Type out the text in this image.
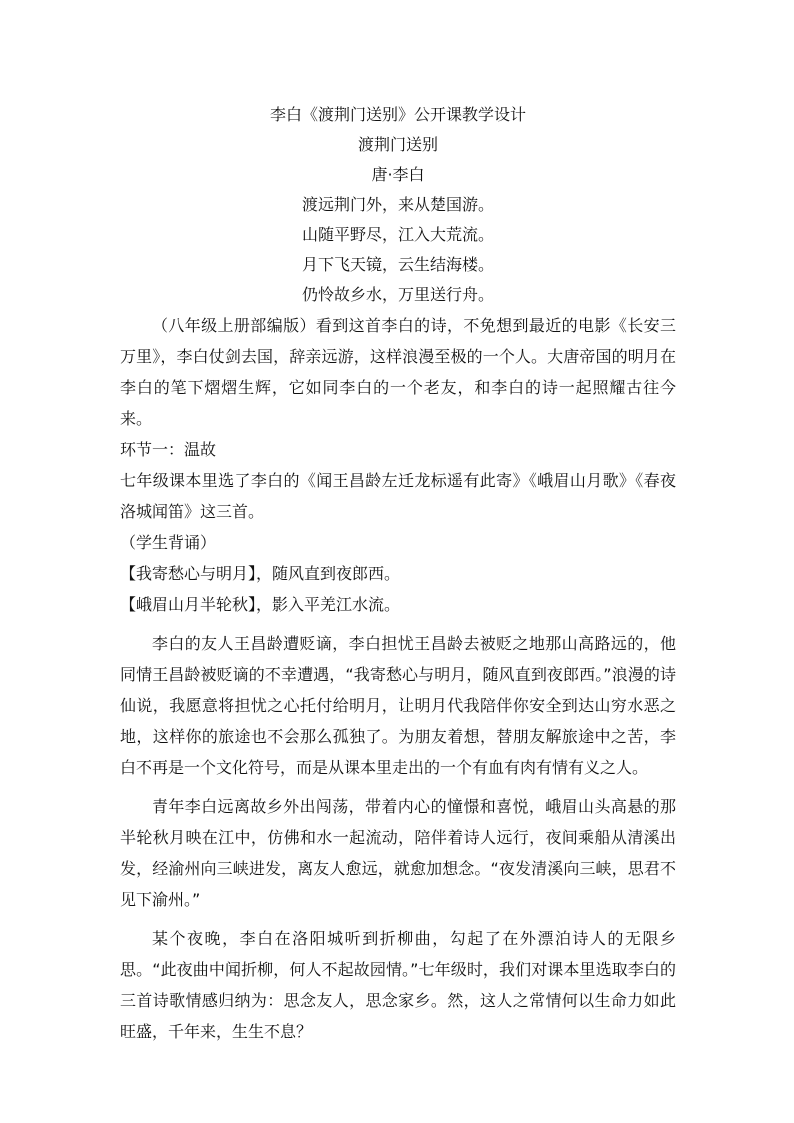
李白《渡荆门送别》公开课教学设计
渡荆门送别
唐·李白
渡远荆门外，来从楚国游。
山随平野尽，江入大荒流。
月下飞天镜，云生结海楼。
仍怜故乡水，万里送行舟。

（八年级上册部编版）看到这首李白的诗，不免想到最近的电影《长安三万里》，李白仗剑去国，辞亲远游，这样浪漫至极的一个人。大唐帝国的明月在李白的笔下熠熠生辉，它如同李白的一个老友，和李白的诗一起照耀古往今来。

环节一：温故

七年级课本里选了李白的《闻王昌龄左迁龙标遥有此寄》《峨眉山月歌》《春夜洛城闻笛》这三首。

（学生背诵）

【我寄愁心与明月】，随风直到夜郎西。

【峨眉山月半轮秋】，影入平羌江水流。

李白的友人王昌龄遭贬谪，李白担忧王昌龄去被贬之地那山高路远的，他同情王昌龄被贬谪的不幸遭遇，“我寄愁心与明月，随风直到夜郎西。”浪漫的诗仙说，我愿意将担忧之心托付给明月，让明月代我陪伴你安全到达山穷水恶之地，这样你的旅途也不会那么孤独了。为朋友着想，替朋友解旅途中之苦，李白不再是一个文化符号，而是从课本里走出的一个有血有肉有情有义之人。

青年李白远离故乡外出闯荡，带着内心的憧憬和喜悦，峨眉山头高悬的那半轮秋月映在江中，仿佛和水一起流动，陪伴着诗人远行，夜间乘船从清溪出发，经渝州向三峡进发，离友人愈远，就愈加想念。“夜发清溪向三峡，思君不见下渝州。”

某个夜晚，李白在洛阳城听到折柳曲，勾起了在外漂泊诗人的无限乡思。“此夜曲中闻折柳，何人不起故园情。”七年级时，我们对课本里选取李白的三首诗歌情感归纳为：思念友人，思念家乡。然，这人之常情何以生命力如此旺盛，千年来，生生不息？
